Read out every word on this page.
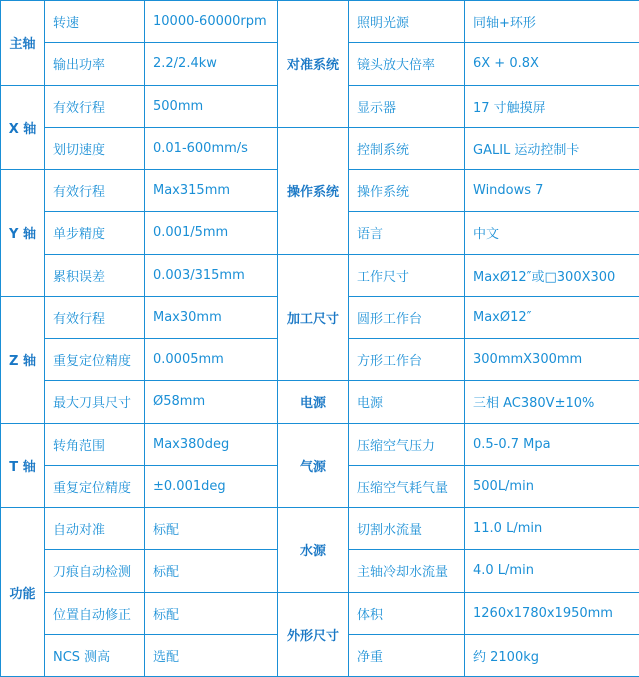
主轴	转速	10000-60000rpm	对准系统	照明光源	同轴+环形
	输出功率	2.2/2.4kw		镜头放大倍率	6X + 0.8X
X 轴	有效行程	500mm		显示器	17 寸触摸屏
	划切速度	0.01-600mm/s	操作系统	控制系统	GALIL 运动控制卡
Y 轴	有效行程	Max315mm		操作系统	Windows 7
	单步精度	0.001/5mm		语言	中文
	累积误差	0.003/315mm	加工尺寸	工作尺寸	MaxØ12″或□300X300
Z 轴	有效行程	Max30mm		圆形工作台	MaxØ12″
	重复定位精度	0.0005mm		方形工作台	300mmX300mm
	最大刀具尺寸	Ø58mm	电源	电源	三相 AC380V±10%
T 轴	转角范围	Max380deg	气源	压缩空气压力	0.5-0.7 Mpa
	重复定位精度	±0.001deg		压缩空气耗气量	500L/min
功能	自动对准	标配	水源	切割水流量	11.0 L/min
	刀痕自动检测	标配		主轴冷却水流量	4.0 L/min
	位置自动修正	标配	外形尺寸	体积	1260x1780x1950mm
	NCS 测高	选配		净重	约 2100kg
